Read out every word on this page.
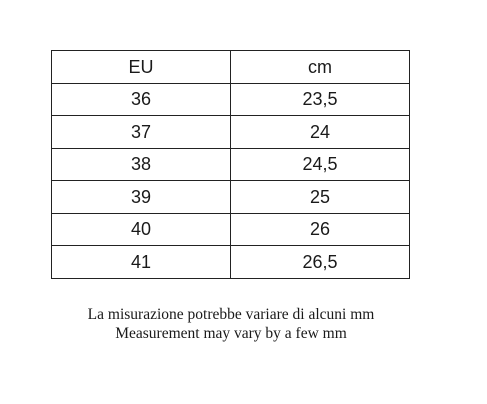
EU	cm
36	23,5
37	24
38	24,5
39	25
40	26
41	26,5
La misurazione potrebbe variare di alcuni mm
Measurement may vary by a few mm
